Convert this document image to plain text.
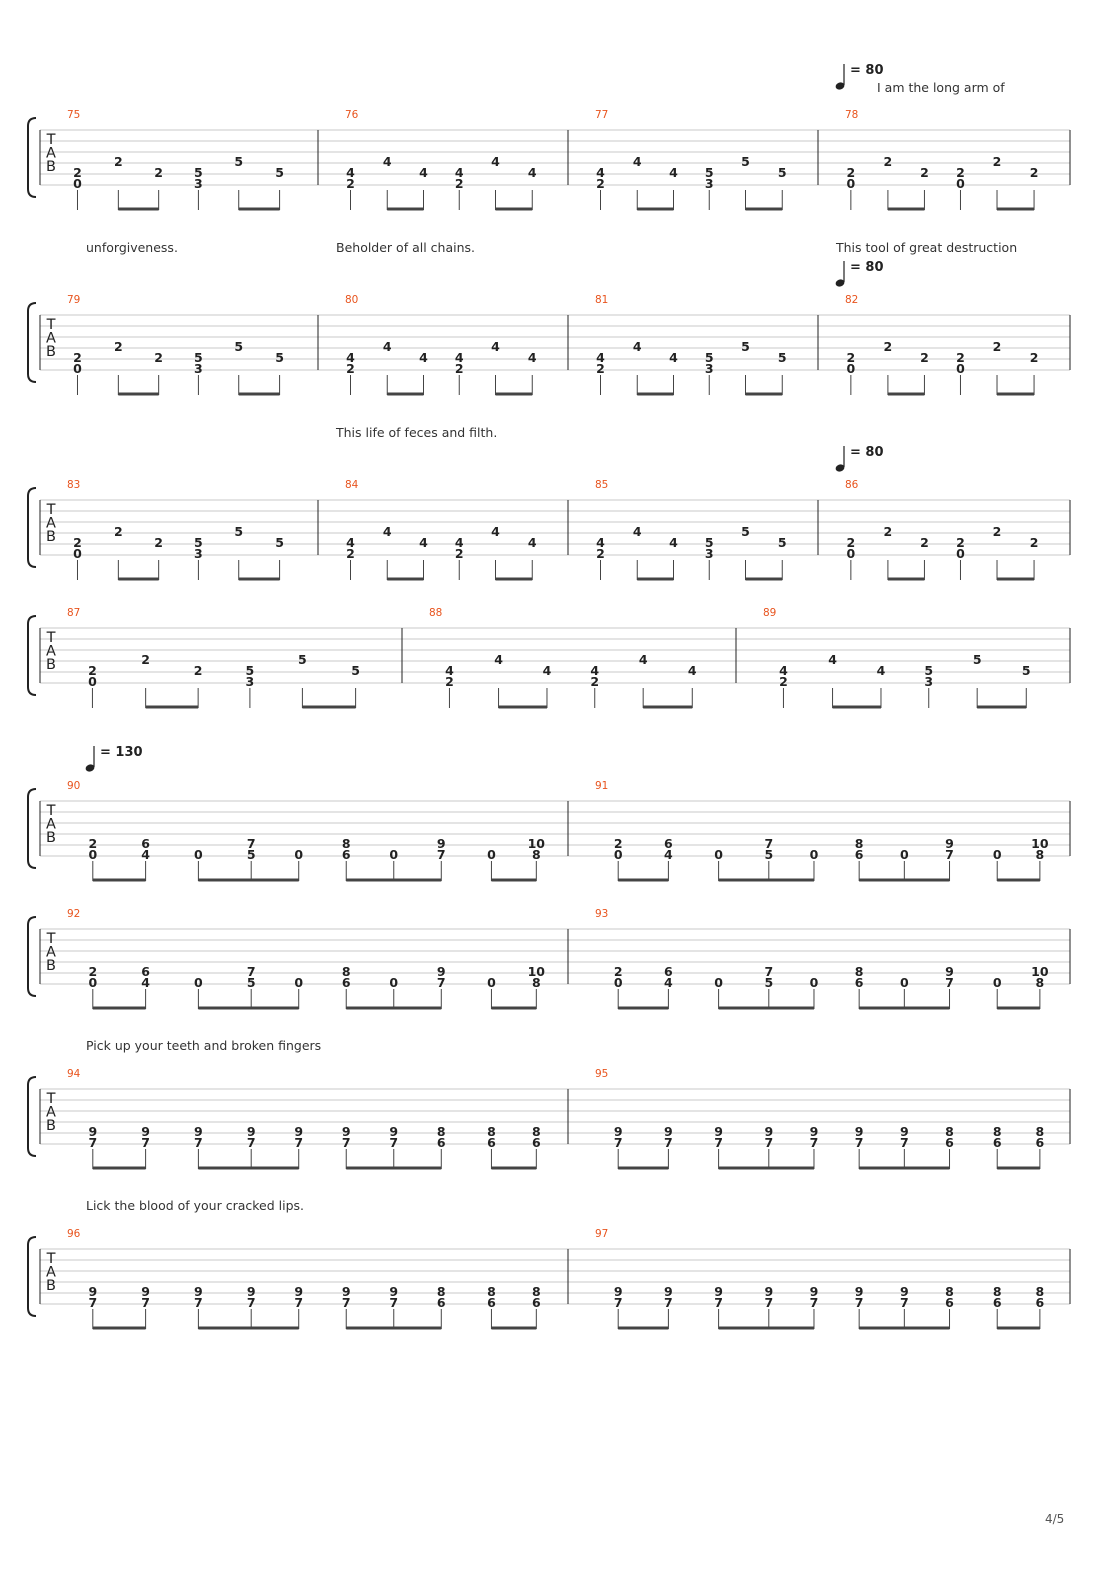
T
A
B
= 80
75
2
0
2
2 5
3
5
5
76
4
2
4
4 4
2
4
4
77
4
2
4
4 5
3
5
5
78
I am the long arm of
2
0
2
2 2
0
2
2
T
A
B
= 80
79
unforgiveness.
2
0
2
2 5
3
5
5
80
Beholder of all chains.
4
2
4
4 4
2
4
4
81
4
2
4
4 5
3
5
5
82
This tool of great destruction
2
0
2
2 2
0
2
2
T
A
B
= 80
83
2
0
2
2 5
3
5
5
84
This life of feces and filth.
4
2
4
4 4
2
4
4
85
4
2
4
4 5
3
5
5
86
2
0
2
2 2
0
2
2
T
A
B
87
2
0
2
2	5
3
5
5
88
4
2
4
4	4
2
4
4
89
4
2
4
4	5
3
5
5
T
A
B
= 130
90
2
0
6
4	0
7
5	0
8
6	0
9
7	0
10
8
91
2
0
6
4	0
7
5	0
8
6	0
9
7	0
10
8
T
A
B
92
2
0
6
4	0
7
5	0
8
6	0
9
7	0
10
8
93
2
0
6
4	0
7
5	0
8
6	0
9
7	0
10
8
T
A
B
94
Pick up your teeth and broken fingers
9
7
9
7
9
7
9
7
9
7
9
7
9
7
8
6
8
6
8
6
95
9
7
9
7
9
7
9
7
9
7
9
7
9
7
8
6
8
6
8
6
T
A
B
96
Lick the blood of your cracked lips.
9
7
9
7
9
7
9
7
9
7
9
7
9
7
8
6
8
6
8
6
97
9
7
9
7
9
7
9
7
9
7
9
7
9
7
8
6
8
6
8
6
4/5
